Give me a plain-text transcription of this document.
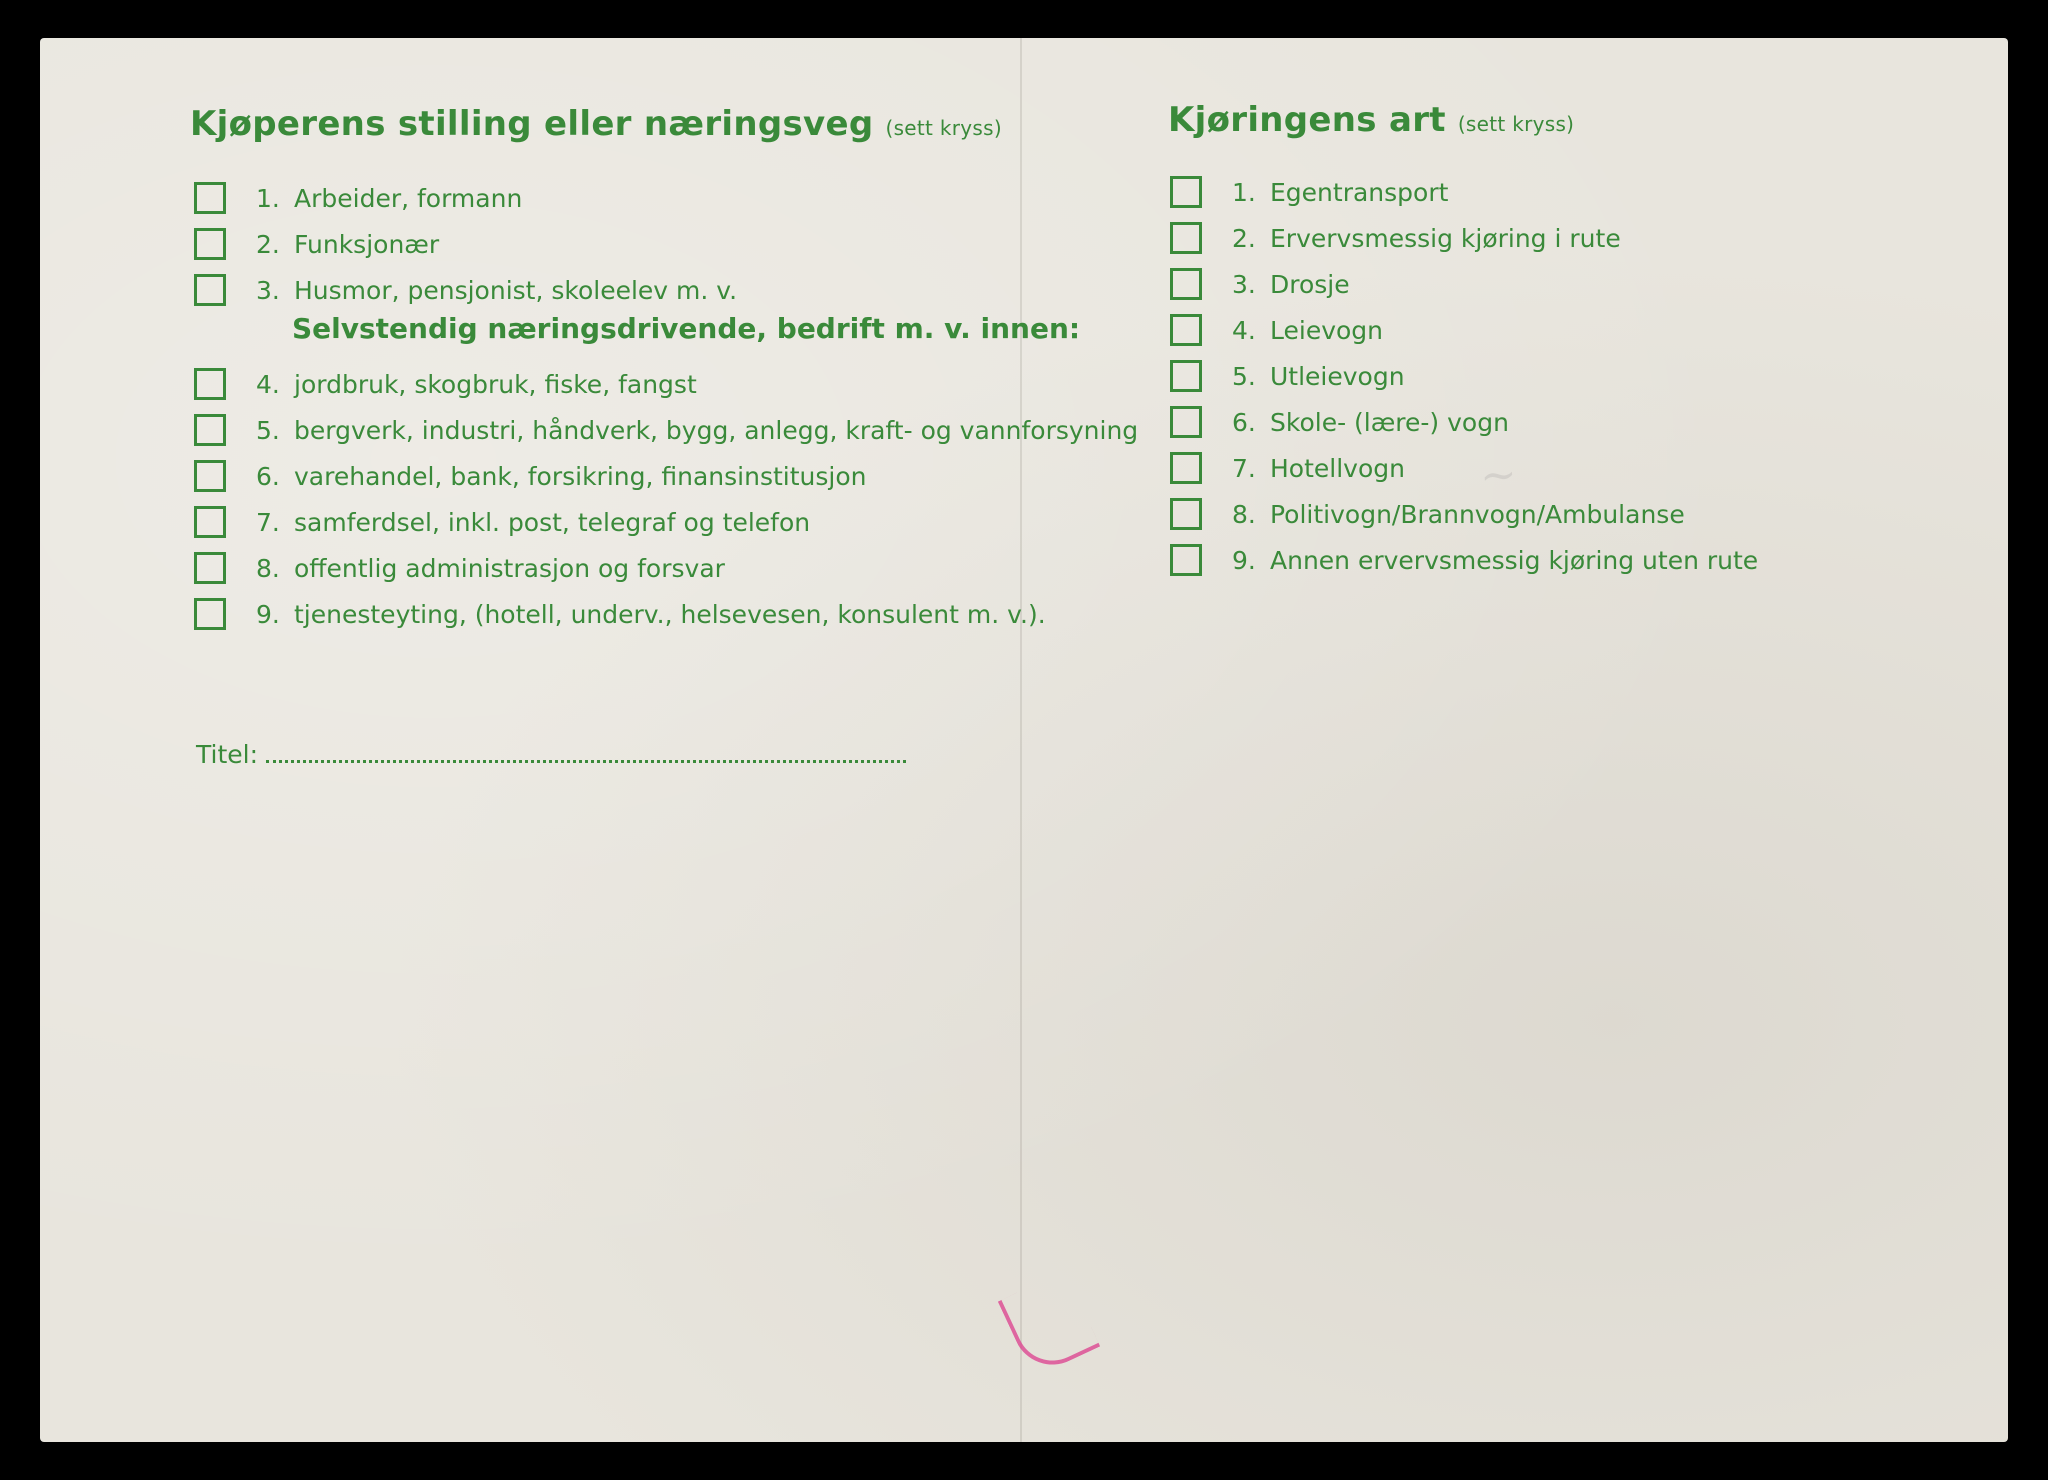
~
Kjøperens stilling eller næringsveg (sett kryss)
1. Arbeider, formann
2. Funksjonær
3. Husmor, pensjonist, skoleelev m. v.
Selvstendig næringsdrivende, bedrift m. v. innen:
4. jordbruk, skogbruk, fiske, fangst
5. bergverk, industri, håndverk, bygg, anlegg, kraft- og vannforsyning
6. varehandel, bank, forsikring, finansinstitusjon
7. samferdsel, inkl. post, telegraf og telefon
8. offentlig administrasjon og forsvar
9. tjenesteyting, (hotell, underv., helsevesen, konsulent m. v.).
Titel:
Kjøringens art (sett kryss)
1. Egentransport
2. Ervervsmessig kjøring i rute
3. Drosje
4. Leievogn
5. Utleievogn
6. Skole- (lære-) vogn
7. Hotellvogn
8. Politivogn/Brannvogn/Ambulanse
9. Annen ervervsmessig kjøring uten rute
